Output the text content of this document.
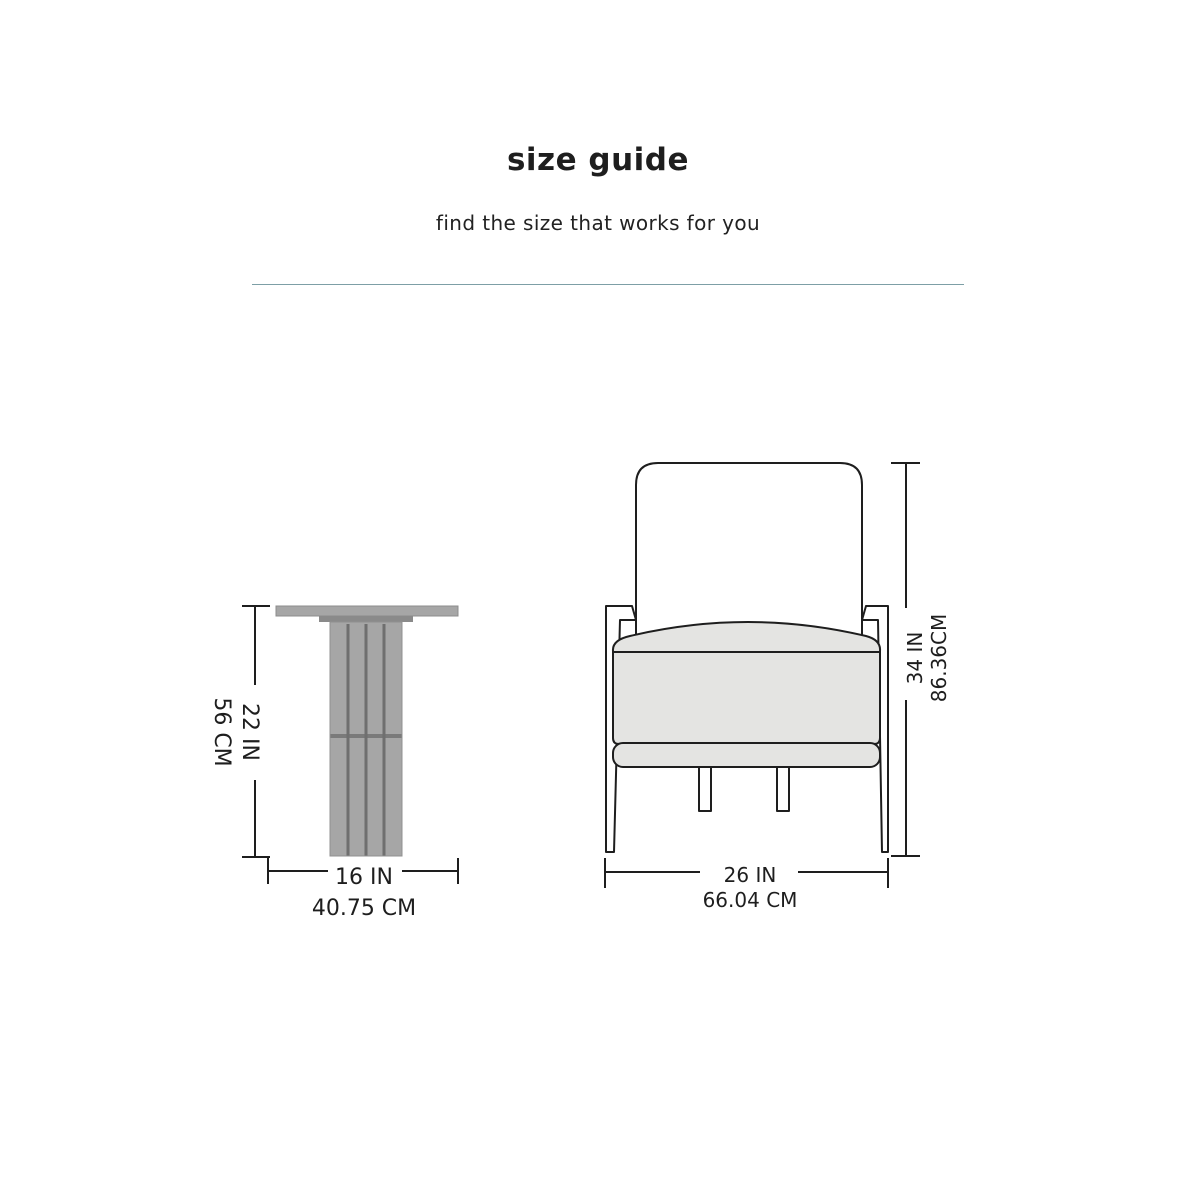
size guide

find the size that works for you

22 IN
56 CM
16 IN
40.75 CM
34 IN 86.36CM
26 IN
66.04 CM
